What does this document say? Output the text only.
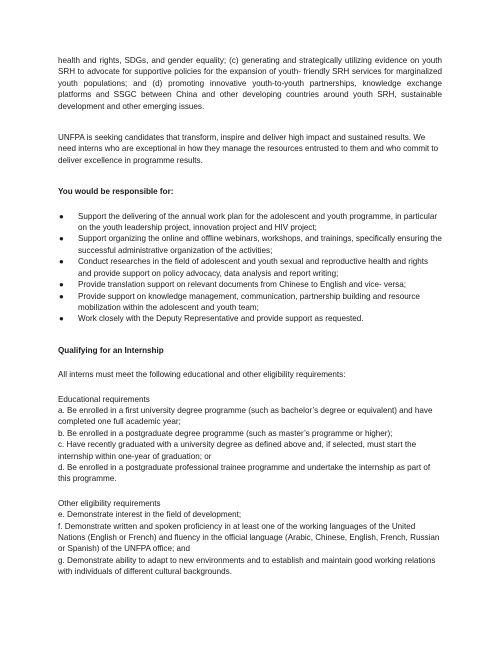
health and rights, SDGs, and gender equality; (c) generating and strategically utilizing evidence on youth SRH to advocate for supportive policies for the expansion of youth- friendly SRH services for marginalized youth populations; and (d) promoting innovative youth-to-youth partnerships, knowledge exchange platforms and SSGC between China and other developing countries around youth SRH, sustainable development and other emerging issues.

UNFPA is seeking candidates that transform, inspire and deliver high impact and sustained results. We need interns who are exceptional in how they manage the resources entrusted to them and who commit to deliver excellence in programme results.

You would be responsible for:

● Support the delivering of the annual work plan for the adolescent and youth programme, in particular on the youth leadership project, innovation project and HIV project;
● Support organizing the online and offline webinars, workshops, and trainings, specifically ensuring the successful administrative organization of the activities;
● Conduct researches in the field of adolescent and youth sexual and reproductive health and rights and provide support on policy advocacy, data analysis and report writing;
● Provide translation support on relevant documents from Chinese to English and vice- versa;
● Provide support on knowledge management, communication, partnership building and resource mobilization within the adolescent and youth team;
● Work closely with the Deputy Representative and provide support as requested.

Qualifying for an Internship

All interns must meet the following educational and other eligibility requirements:

Educational requirements

a. Be enrolled in a first university degree programme (such as bachelor’s degree or equivalent) and have completed one full academic year;

b. Be enrolled in a postgraduate degree programme (such as master’s programme or higher);

c. Have recently graduated with a university degree as defined above and, if selected, must start the internship within one-year of graduation; or

d. Be enrolled in a postgraduate professional trainee programme and undertake the internship as part of this programme.

Other eligibility requirements

e. Demonstrate interest in the field of development;

f. Demonstrate written and spoken proficiency in at least one of the working languages of the United Nations (English or French) and fluency in the official language (Arabic, Chinese, English, French, Russian or Spanish) of the UNFPA office; and

g. Demonstrate ability to adapt to new environments and to establish and maintain good working relations with individuals of different cultural backgrounds.
